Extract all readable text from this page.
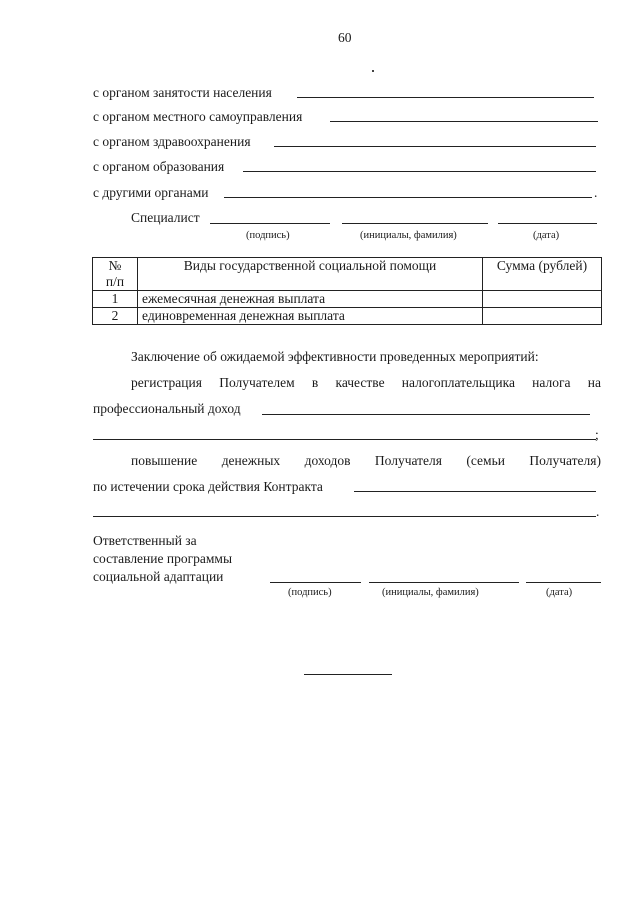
60
с органом занятости населения
с органом местного самоуправления
с органом здравоохранения
с органом образования
с другими органами	.
Специалист
(подпись)	(инициалы, фамилия)	(дата)
№
п/п	Виды государственной социальной помощи	Сумма (рублей)
1	ежемесячная денежная выплата	
2	единовременная денежная выплата	
Заключение об ожидаемой эффективности проведенных мероприятий:
регистрация Получателем в качестве налогоплательщика налога на
профессиональный доход
;
повышение денежных доходов Получателя (семьи Получателя)
по истечении срока действия Контракта
.
Ответственный за
составление программы
социальной адаптации
(подпись)	(инициалы, фамилия)	(дата)
